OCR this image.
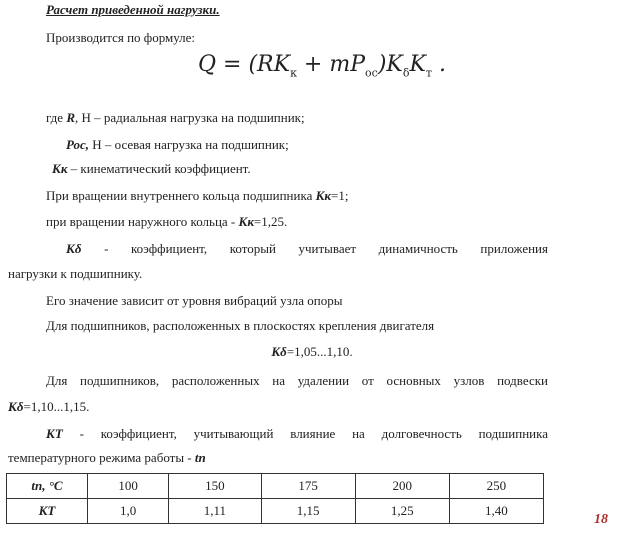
Расчет приведенной нагрузки.
Производится по формуле:
$Q = (RK_к + mP_{ос})K_\delta K_т$ .
где R, Н – радиальная нагрузка на подшипник;
Рос, Н – осевая нагрузка на подшипник;
Кк – кинематический коэффициент.
При вращении внутреннего кольца подшипника Кк=1;
при вращении наружного кольца - Кк=1,25.
Кδ - коэффициент, который учитывает динамичность приложения
нагрузки к подшипнику.
Его значение зависит от уровня вибраций узла опоры
Для подшипников, расположенных в плоскостях крепления двигателя
Кδ=1,05...1,10.
Для подшипников, расположенных на удалении от основных узлов подвески
Кδ=1,10...1,15.
КТ - коэффициент, учитывающий влияние на долговечность подшипника
температурного режима работы - tп
tп, °С	100	150	175	200	250
КТ	1,0	1,11	1,15	1,25	1,40
18
